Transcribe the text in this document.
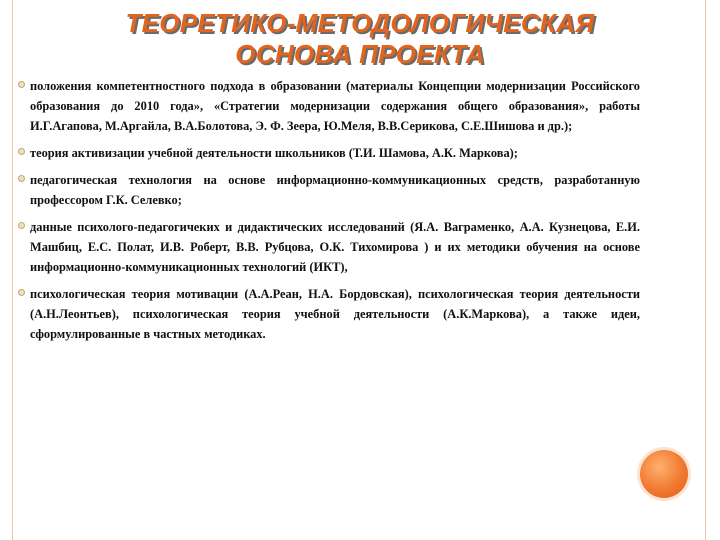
ТЕОРЕТИКО-МЕТОДОЛОГИЧЕСКАЯ
ОСНОВА ПРОЕКТА
положения компетентностного подхода в образовании (материалы Концепции модернизации Российского образования до 2010 года», «Стратегии модернизации содержания общего образования», работы И.Г.Агапова, М.Аргайла, В.А.Болотова, Э. Ф. Зеера, Ю.Меля, В.В.Серикова, С.Е.Шишова и др.);
теория активизации учебной деятельности школьников (Т.И. Шамова, А.К. Маркова);
педагогическая технология на основе информационно-коммуникационных средств, разработанную профессором Г.К. Селевко;
данные психолого-педагогичеких и дидактических исследований (Я.А. Ваграменко, А.А. Кузнецова, Е.И. Машбиц, Е.С. Полат, И.В. Роберт, В.В. Рубцова, О.К. Тихомирова ) и их методики обучения на основе информационно-коммуникационных технологий (ИКТ),
психологическая теория мотивации (А.А.Реан, Н.А. Бордовская), психологическая теория деятельности (А.Н.Леонтьев), психологическая теория учебной деятельности (А.К.Маркова), а также идеи, сформулированные в частных методиках.
